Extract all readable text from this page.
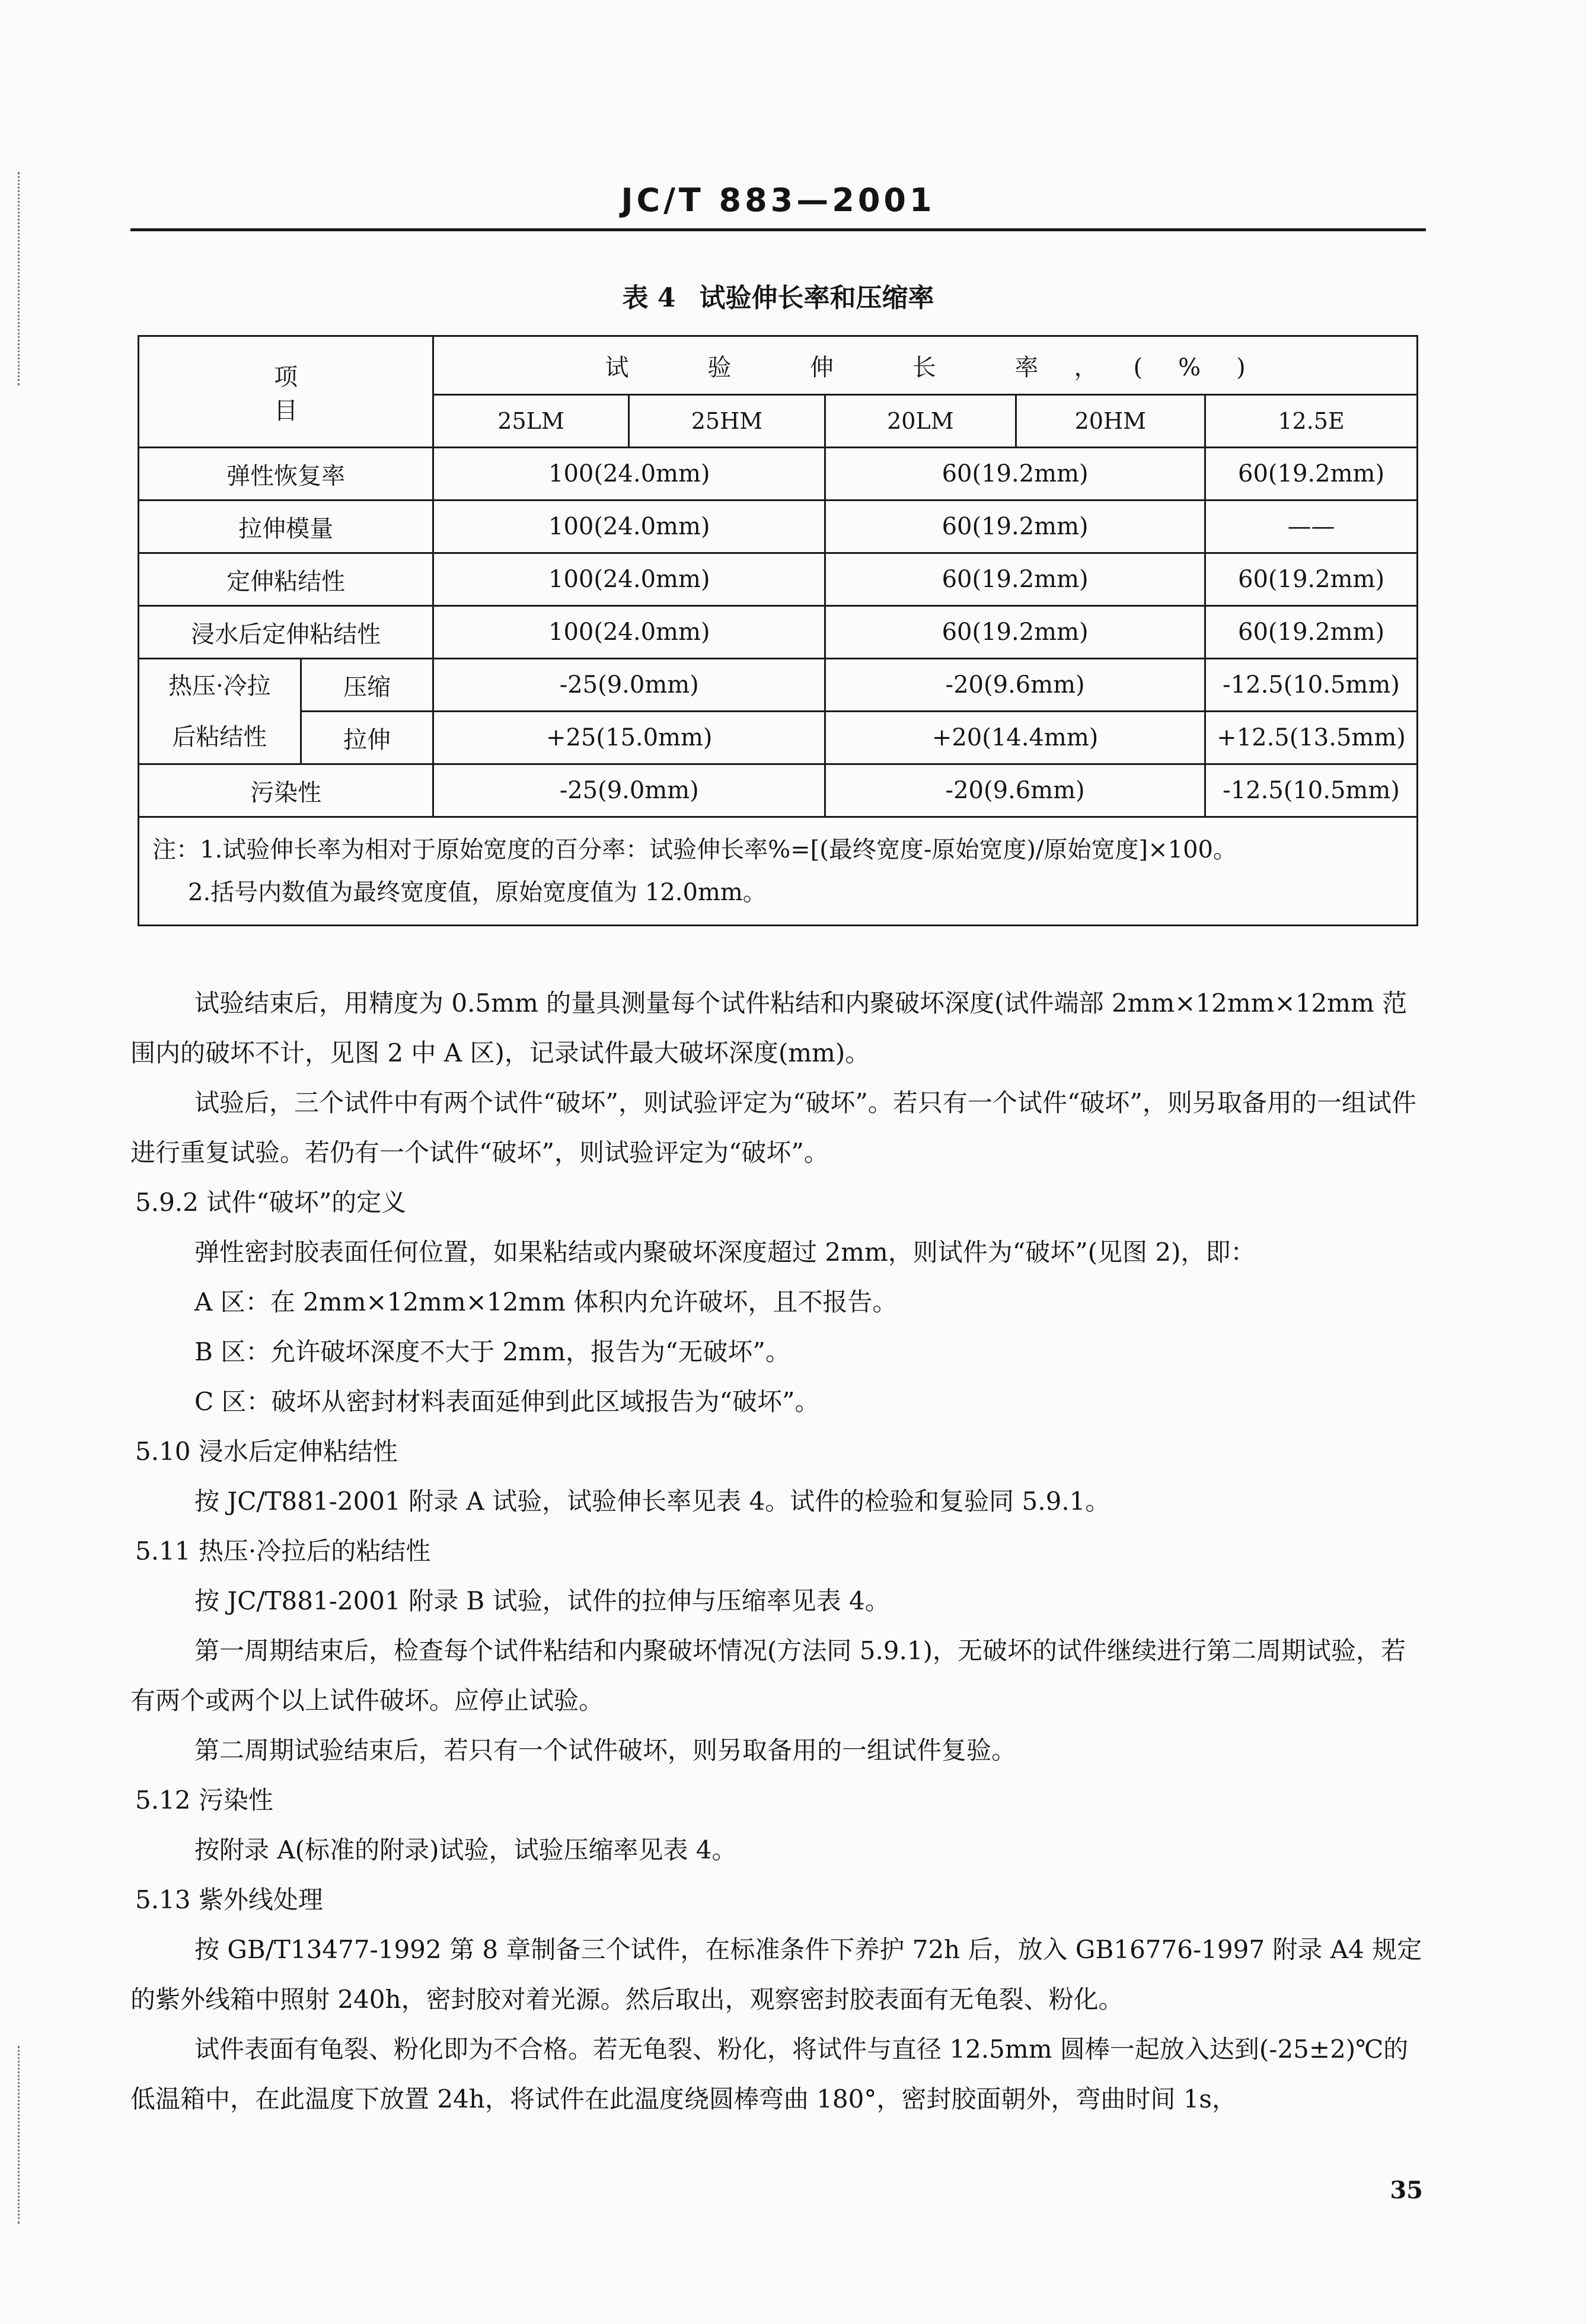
JC/T 883—2001
表 4 试验伸长率和压缩率
项 目		试 验 伸 长 率，(%)				
		25LM	25HM	20LM	20HM	12.5E
弹性恢复率		100(24.0mm)		60(19.2mm)		60(19.2mm)
拉伸模量		100(24.0mm)		60(19.2mm)		——
定伸粘结性		100(24.0mm)		60(19.2mm)		60(19.2mm)
浸水后定伸粘结性		100(24.0mm)		60(19.2mm)		60(19.2mm)

热压·冷拉
后粘结性	压缩	-25(9.0mm)		-20(9.6mm)		-12.5(10.5mm)
	拉伸	+25(15.0mm)		+20(14.4mm)		+12.5(13.5mm)
污染性		-25(9.0mm)		-20(9.6mm)		-12.5(10.5mm)

注：1.试验伸长率为相对于原始宽度的百分率：试验伸长率%=[(最终宽度-原始宽度)/原始宽度]×100。
2.括号内数值为最终宽度值，原始宽度值为 12.0mm。						

试验结束后，用精度为 0.5mm 的量具测量每个试件粘结和内聚破坏深度(试件端部 2mm×12mm×12mm 范围内的破坏不计，见图 2 中 A 区)，记录试件最大破坏深度(mm)。

试验后，三个试件中有两个试件“破坏”，则试验评定为“破坏”。若只有一个试件“破坏”，则另取备用的一组试件进行重复试验。若仍有一个试件“破坏”，则试验评定为“破坏”。

5.9.2 试件“破坏”的定义

弹性密封胶表面任何位置，如果粘结或内聚破坏深度超过 2mm，则试件为“破坏”(见图 2)，即：

A 区：在 2mm×12mm×12mm 体积内允许破坏，且不报告。

B 区：允许破坏深度不大于 2mm，报告为“无破坏”。

C 区：破坏从密封材料表面延伸到此区域报告为“破坏”。

5.10 浸水后定伸粘结性

按 JC/T881-2001 附录 A 试验，试验伸长率见表 4。试件的检验和复验同 5.9.1。

5.11 热压·冷拉后的粘结性

按 JC/T881-2001 附录 B 试验，试件的拉伸与压缩率见表 4。

第一周期结束后，检查每个试件粘结和内聚破坏情况(方法同 5.9.1)，无破坏的试件继续进行第二周期试验，若有两个或两个以上试件破坏。应停止试验。

第二周期试验结束后，若只有一个试件破坏，则另取备用的一组试件复验。

5.12 污染性

按附录 A(标准的附录)试验，试验压缩率见表 4。

5.13 紫外线处理

按 GB/T13477-1992 第 8 章制备三个试件，在标准条件下养护 72h 后，放入 GB16776-1997 附录 A4 规定的紫外线箱中照射 240h，密封胶对着光源。然后取出，观察密封胶表面有无龟裂、粉化。

试件表面有龟裂、粉化即为不合格。若无龟裂、粉化，将试件与直径 12.5mm 圆棒一起放入达到(-25±2)℃的低温箱中，在此温度下放置 24h，将试件在此温度绕圆棒弯曲 180°，密封胶面朝外，弯曲时间 1s，

35
